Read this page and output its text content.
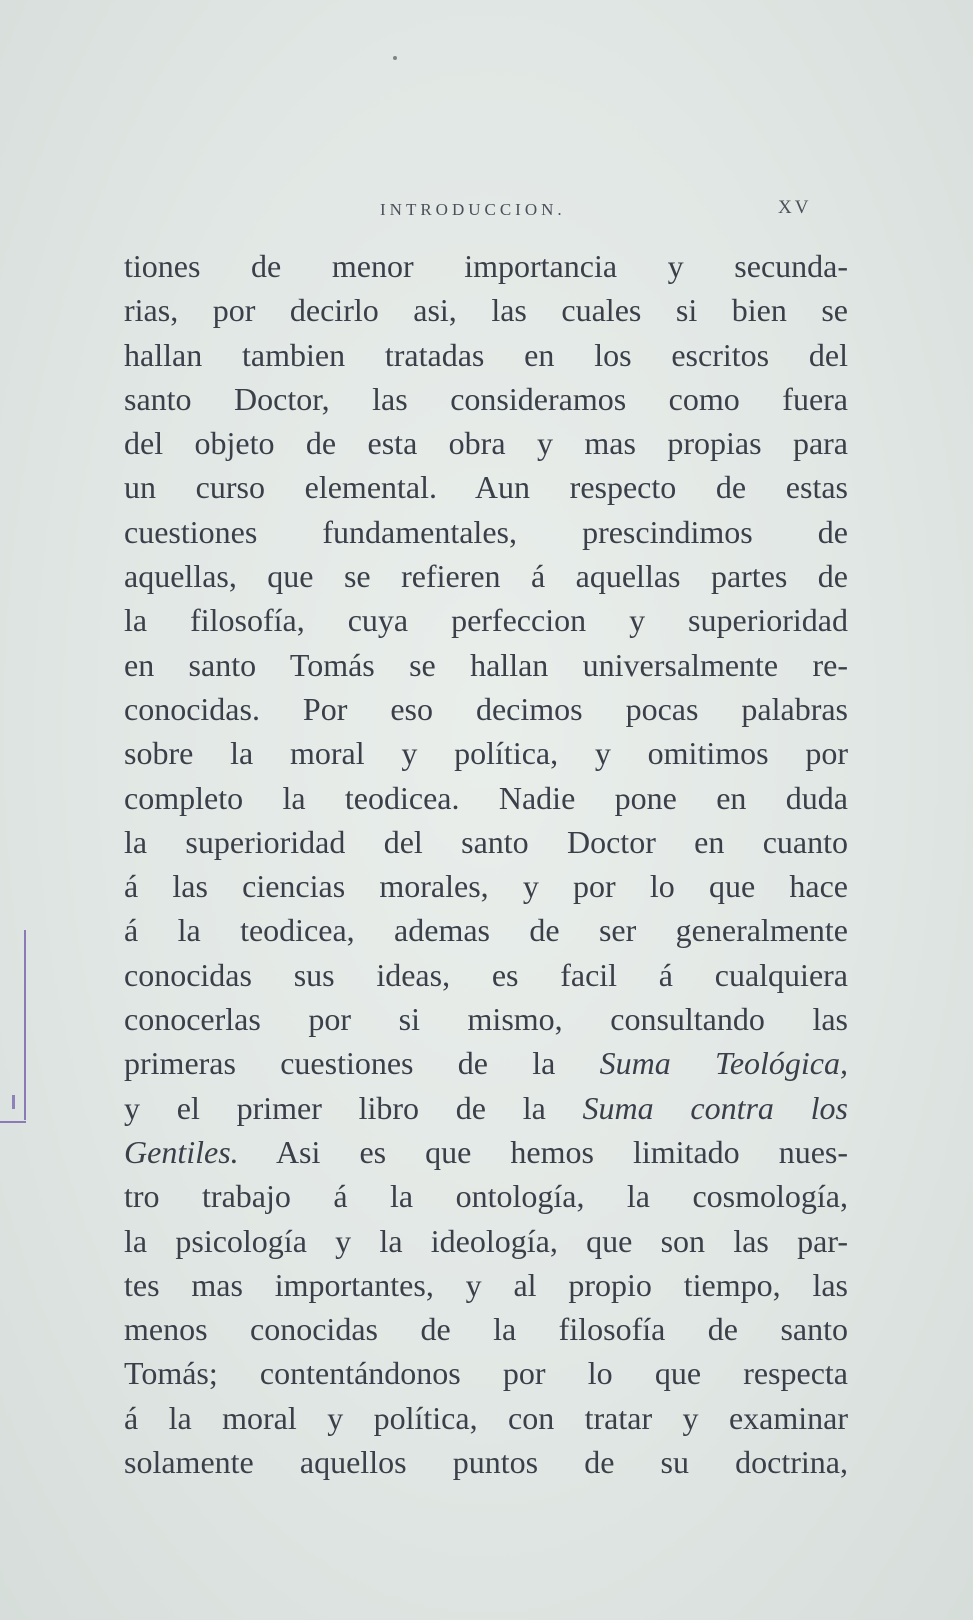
INTRODUCCION.	XV
tiones de menor importancia y secunda-
rias, por decirlo asi, las cuales si bien se
hallan tambien tratadas en los escritos del
santo Doctor, las consideramos como fuera
del objeto de esta obra y mas propias para
un curso elemental. Aun respecto de estas
cuestiones fundamentales, prescindimos de
aquellas, que se refieren á aquellas partes de
la filosofía, cuya perfeccion y superioridad
en santo Tomás se hallan universalmente re-
conocidas. Por eso decimos pocas palabras
sobre la moral y política, y omitimos por
completo la teodicea. Nadie pone en duda
la superioridad del santo Doctor en cuanto
á las ciencias morales, y por lo que hace
á la teodicea, ademas de ser generalmente
conocidas sus ideas, es facil á cualquiera
conocerlas por si mismo, consultando las
primeras cuestiones de la Suma Teológica,
y el primer libro de la Suma contra los
Gentiles. Asi es que hemos limitado nues-
tro trabajo á la ontología, la cosmología,
la psicología y la ideología, que son las par-
tes mas importantes, y al propio tiempo, las
menos conocidas de la filosofía de santo
Tomás; contentándonos por lo que respecta
á la moral y política, con tratar y examinar
solamente aquellos puntos de su doctrina,
